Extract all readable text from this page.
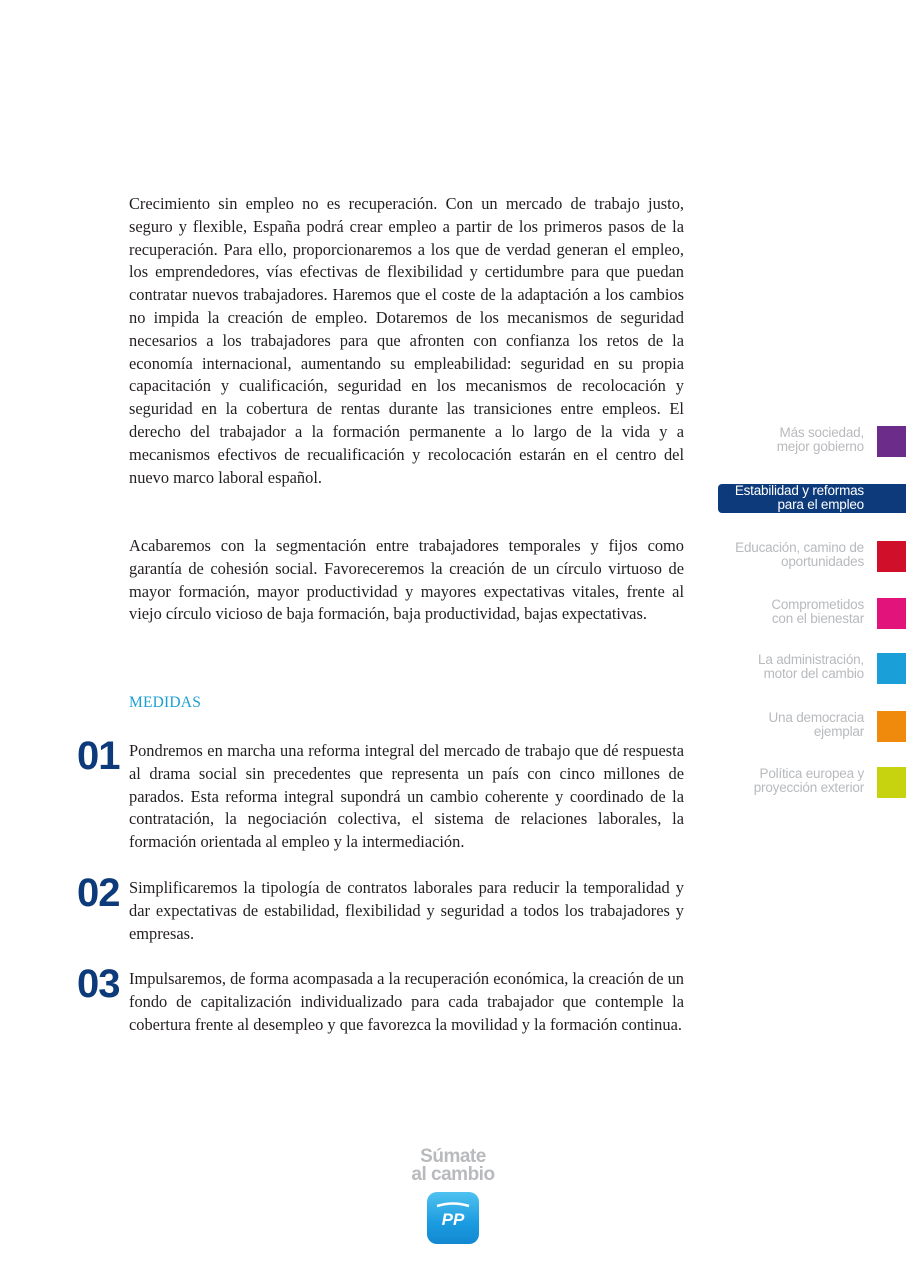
Crecimiento sin empleo no es recuperación. Con un mercado de trabajo justo, seguro y flexible, España podrá crear empleo a partir de los primeros pasos de la recuperación. Para ello, proporcionaremos a los que de verdad generan el empleo, los emprendedores, vías efectivas de flexibilidad y certidumbre para que puedan contratar nuevos trabajadores. Haremos que el coste de la adaptación a los cambios no impida la creación de empleo. Dotaremos de los mecanismos de seguridad necesarios a los trabajadores para que afronten con confianza los retos de la economía internacional, aumentando su empleabilidad: seguridad en su propia capacitación y cualificación, seguridad en los mecanismos de recolocación y seguridad en la cobertura de rentas durante las transiciones entre empleos. El derecho del trabajador a la formación permanente a lo largo de la vida y a mecanismos efectivos de recualificación y recolocación estarán en el centro del nuevo marco laboral español.

Acabaremos con la segmentación entre trabajadores temporales y fijos como garantía de cohesión social. Favoreceremos la creación de un círculo virtuoso de mayor formación, mayor productividad y mayores expectativas vitales, frente al viejo círculo vicioso de baja formación, baja productividad, bajas expectativas.

MEDIDAS
01 Pondremos en marcha una reforma integral del mercado de trabajo que dé respuesta al drama social sin precedentes que representa un país con cinco millones de parados. Esta reforma integral supondrá un cambio coherente y coordinado de la contratación, la negociación colectiva, el sistema de relaciones laborales, la formación orientada al empleo y la intermediación.

02 Simplificaremos la tipología de contratos laborales para reducir la temporalidad y dar expectativas de estabilidad, flexibilidad y seguridad a todos los trabajadores y empresas.

03 Impulsaremos, de forma acompasada a la recuperación económica, la creación de un fondo de capitalización individualizado para cada trabajador que contemple la cobertura frente al desempleo y que favorezca la movilidad y la formación continua.

Más sociedad,
mejor gobierno
Estabilidad y reformas
para el empleo
Educación, camino de
oportunidades
Comprometidos
con el bienestar
La administración,
motor del cambio
Una democracia
ejemplar
Política europea y
proyección exterior
Súmate
al cambio
PP
